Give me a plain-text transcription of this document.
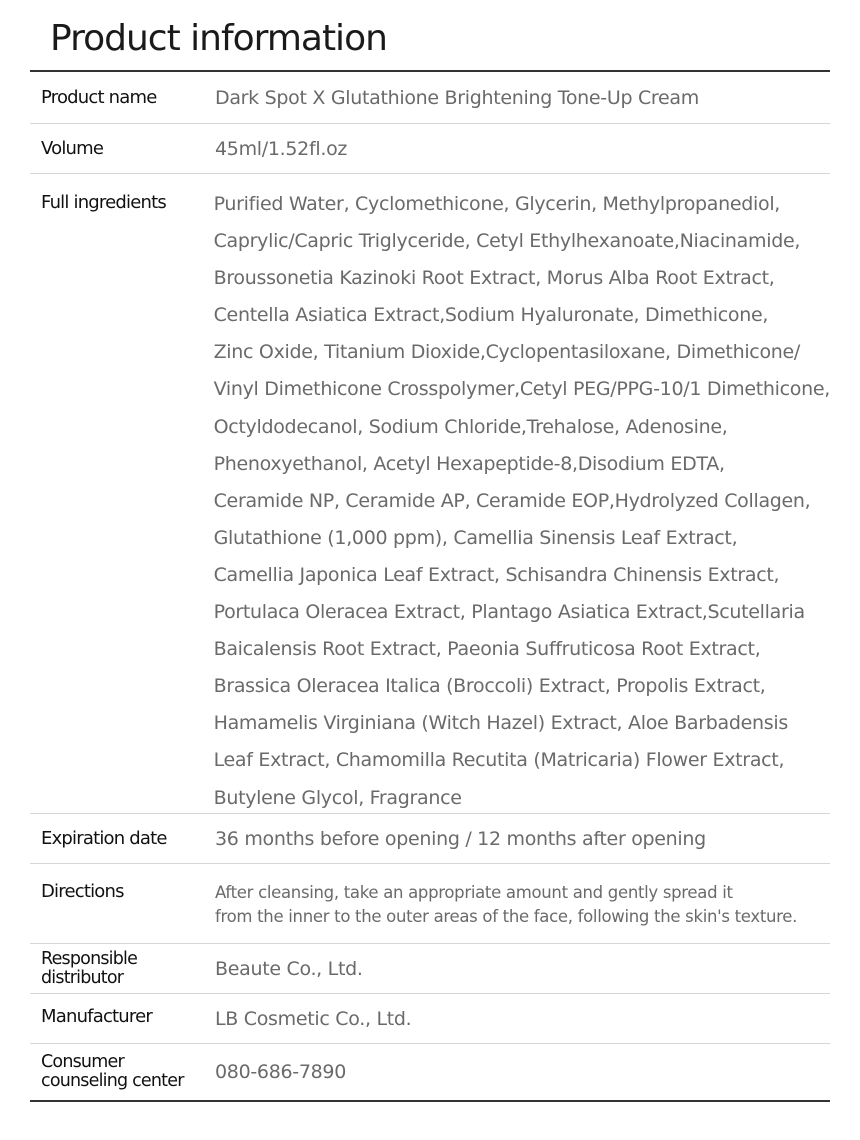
Product information
Product name	Dark Spot X Glutathione Brightening Tone-Up Cream
Volume	45ml/1.52fl.oz
Full ingredients	Purified Water, Cyclomethicone, Glycerin, Methylpropanediol,
Caprylic/Capric Triglyceride, Cetyl Ethylhexanoate,Niacinamide,
Broussonetia Kazinoki Root Extract, Morus Alba Root Extract,
Centella Asiatica Extract,Sodium Hyaluronate, Dimethicone,
Zinc Oxide, Titanium Dioxide,Cyclopentasiloxane, Dimethicone/
Vinyl Dimethicone Crosspolymer,Cetyl PEG/PPG-10/1 Dimethicone,
Octyldodecanol, Sodium Chloride,Trehalose, Adenosine,
Phenoxyethanol, Acetyl Hexapeptide-8,Disodium EDTA,
Ceramide NP, Ceramide AP, Ceramide EOP,Hydrolyzed Collagen,
Glutathione (1,000 ppm), Camellia Sinensis Leaf Extract,
Camellia Japonica Leaf Extract, Schisandra Chinensis Extract,
Portulaca Oleracea Extract, Plantago Asiatica Extract,Scutellaria
Baicalensis Root Extract, Paeonia Suffruticosa Root Extract,
Brassica Oleracea Italica (Broccoli) Extract, Propolis Extract,
Hamamelis Virginiana (Witch Hazel) Extract, Aloe Barbadensis
Leaf Extract, Chamomilla Recutita (Matricaria) Flower Extract,
Butylene Glycol, Fragrance
Expiration date	36 months before opening / 12 months after opening
Directions	After cleansing, take an appropriate amount and gently spread it
from the inner to the outer areas of the face, following the skin's texture.
Responsible
distributor	Beaute Co., Ltd.
Manufacturer	LB Cosmetic Co., Ltd.
Consumer
counseling center	080-686-7890
